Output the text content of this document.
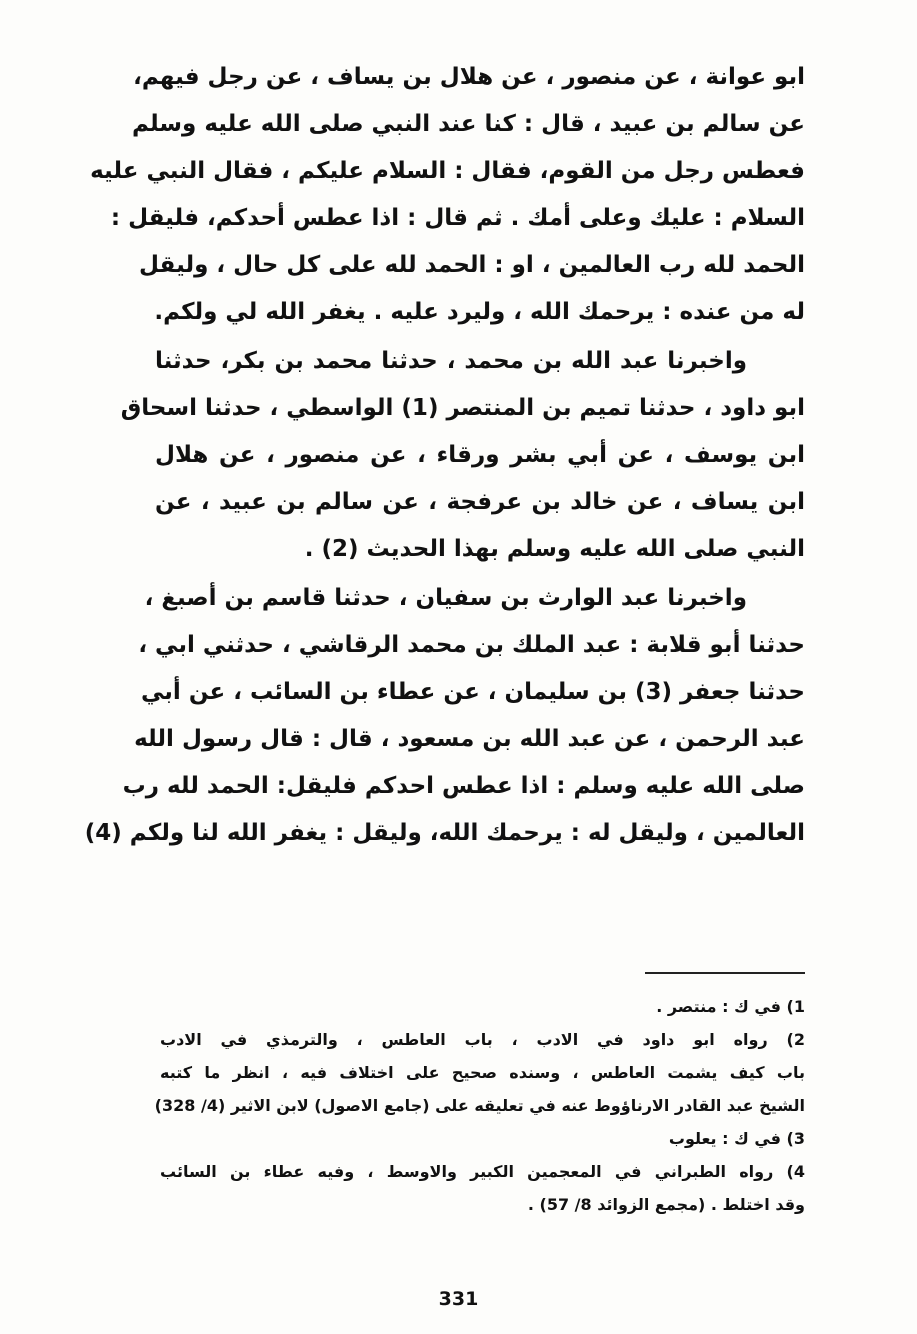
ابو عوانة ، عن منصور ، عن هلال بن يساف ، عن رجل فيهم،
عن سالم بن عبيد ، قال : كنا عند النبي صلى الله عليه وسلم
فعطس رجل من القوم، فقال : السلام عليكم ، فقال النبي عليه
السلام : عليك وعلى أمك . ثم قال : اذا عطس أحدكم، فليقل :
الحمد لله رب العالمين ، او : الحمد لله على كل حال ، وليقل
له من عنده : يرحمك الله ، وليرد عليه . يغفر الله لي ولكم.
واخبرنا عبد الله بن محمد ، حدثنا محمد بن بكر، حدثنا
ابو داود ، حدثنا تميم بن المنتصر (1) الواسطي ، حدثنا اسحاق
ابن يوسف ، عن أبي بشر ورقاء ، عن منصور ، عن هلال
ابن يساف ، عن خالد بن عرفجة ، عن سالم بن عبيد ، عن
النبي صلى الله عليه وسلم بهذا الحديث (2) .
واخبرنا عبد الوارث بن سفيان ، حدثنا قاسم بن أصبغ ،
حدثنا أبو قلابة : عبد الملك بن محمد الرقاشي ، حدثني ابي ،
حدثنا جعفر (3) بن سليمان ، عن عطاء بن السائب ، عن أبي
عبد الرحمن ، عن عبد الله بن مسعود ، قال : قال رسول الله
صلى الله عليه وسلم : اذا عطس احدكم فليقل: الحمد لله رب
العالمين ، وليقل له : يرحمك الله، وليقل : يغفر الله لنا ولكم (4)
1) في ك : منتصر .
2) رواه ابو داود في الادب ، باب العاطس ، والترمذي في الادب
باب كيف يشمت العاطس ، وسنده صحيح على اختلاف فيه ، انظر ما كتبه
الشيخ عبد القادر الارناؤوط عنه في تعليقه على (جامع الاصول) لابن الاثير (4/ 328)
3) في ك : يعلوب
4) رواه الطبراني في المعجمين الكبير والاوسط ، وفيه عطاء بن السائب
وقد اختلط . (مجمع الزوائد 8/ 57) .
331
